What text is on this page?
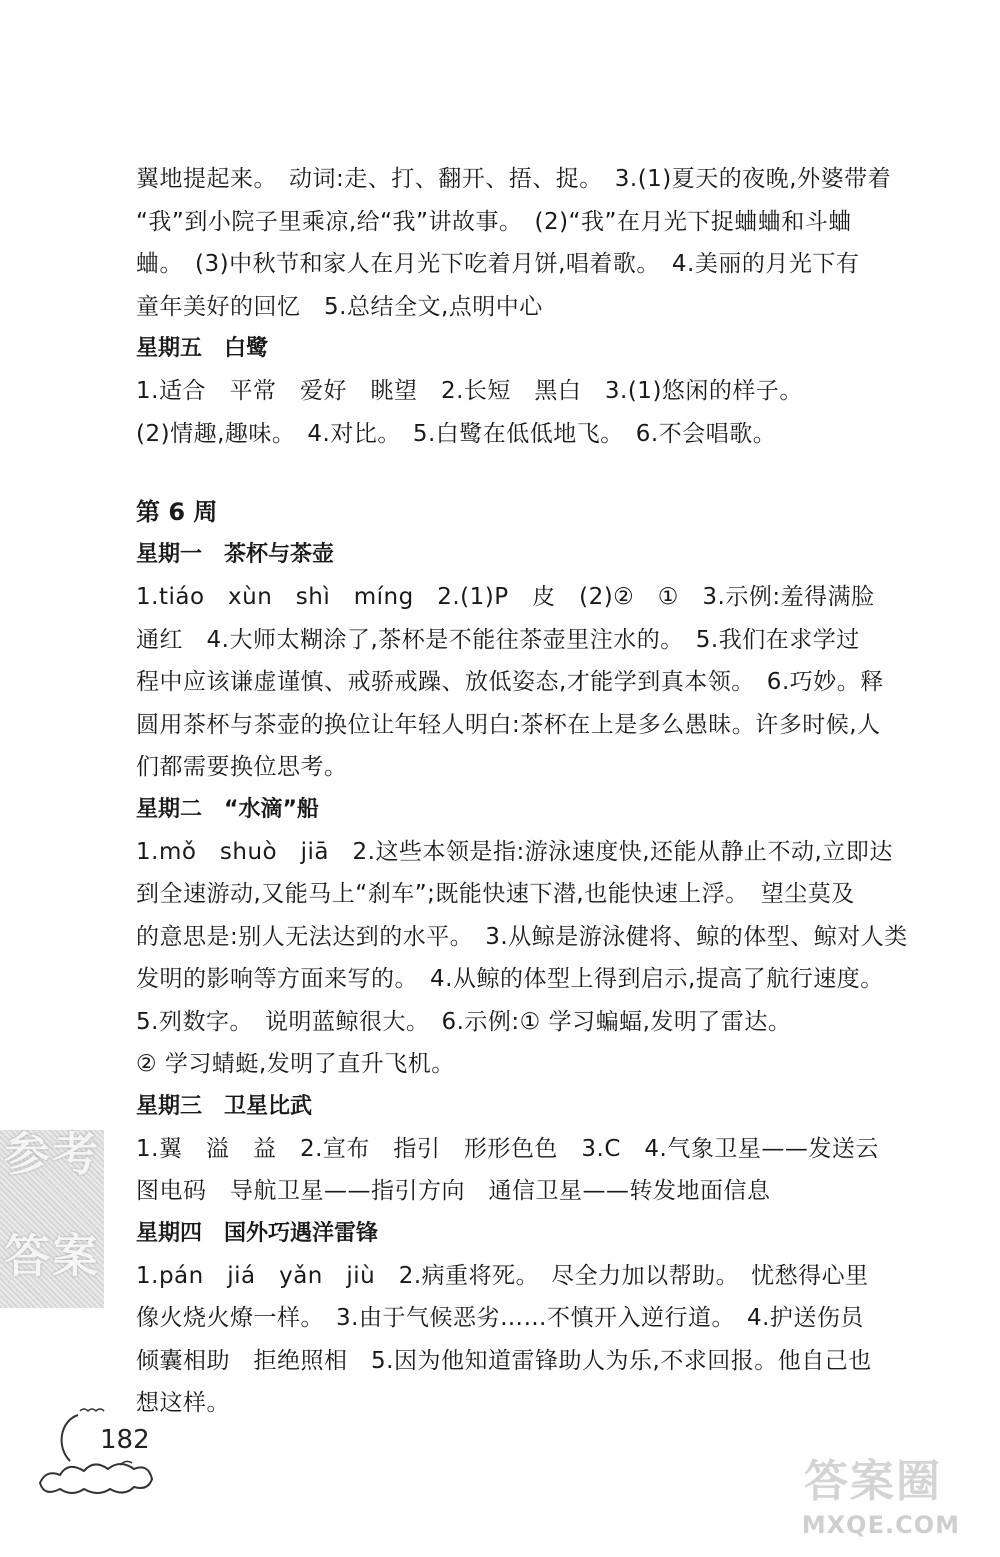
翼地提起来。　动词:走、打、翻开、捂、捉。　3.(1)夏天的夜晚,外婆带着

“我”到小院子里乘凉,给“我”讲故事。　(2)“我”在月光下捉蛐蛐和斗蛐

蛐。　(3)中秋节和家人在月光下吃着月饼,唱着歌。　4.美丽的月光下有

童年美好的回忆　5.总结全文,点明中心

星期五　白鹭

1.适合　平常　爱好　眺望　2.长短　黑白　3.(1)悠闲的样子。

(2)情趣,趣味。　4.对比。　5.白鹭在低低地飞。　6.不会唱歌。

第 6 周

星期一　茶杯与茶壶

1.tiáo　xùn　shì　míng　2.(1)P　皮　(2)②　①　3.示例:羞得满脸

通红　4.大师太糊涂了,茶杯是不能往茶壶里注水的。　5.我们在求学过

程中应该谦虚谨慎、戒骄戒躁、放低姿态,才能学到真本领。　6.巧妙。释

圆用茶杯与茶壶的换位让年轻人明白:茶杯在上是多么愚昧。许多时候,人

们都需要换位思考。

星期二　“水滴”船

1.mǒ　shuò　jiā　2.这些本领是指:游泳速度快,还能从静止不动,立即达

到全速游动,又能马上“刹车”;既能快速下潜,也能快速上浮。　望尘莫及

的意思是:别人无法达到的水平。　3.从鲸是游泳健将、鲸的体型、鲸对人类

发明的影响等方面来写的。　4.从鲸的体型上得到启示,提高了航行速度。

5.列数字。　说明蓝鲸很大。　6.示例:① 学习蝙蝠,发明了雷达。

② 学习蜻蜓,发明了直升飞机。

星期三　卫星比武

1.翼　溢　益　2.宣布　指引　形形色色　3.C　4.气象卫星——发送云

图电码　导航卫星——指引方向　通信卫星——转发地面信息

星期四　国外巧遇洋雷锋

1.pán　jiá　yǎn　jiù　2.病重将死。　尽全力加以帮助。　忧愁得心里

像火烧火燎一样。　3.由于气候恶劣……不慎开入逆行道。　4.护送伤员

倾囊相助　拒绝照相　5.因为他知道雷锋助人为乐,不求回报。他自己也

想这样。

参考
答案
182
答案圈
MXQE.COM
